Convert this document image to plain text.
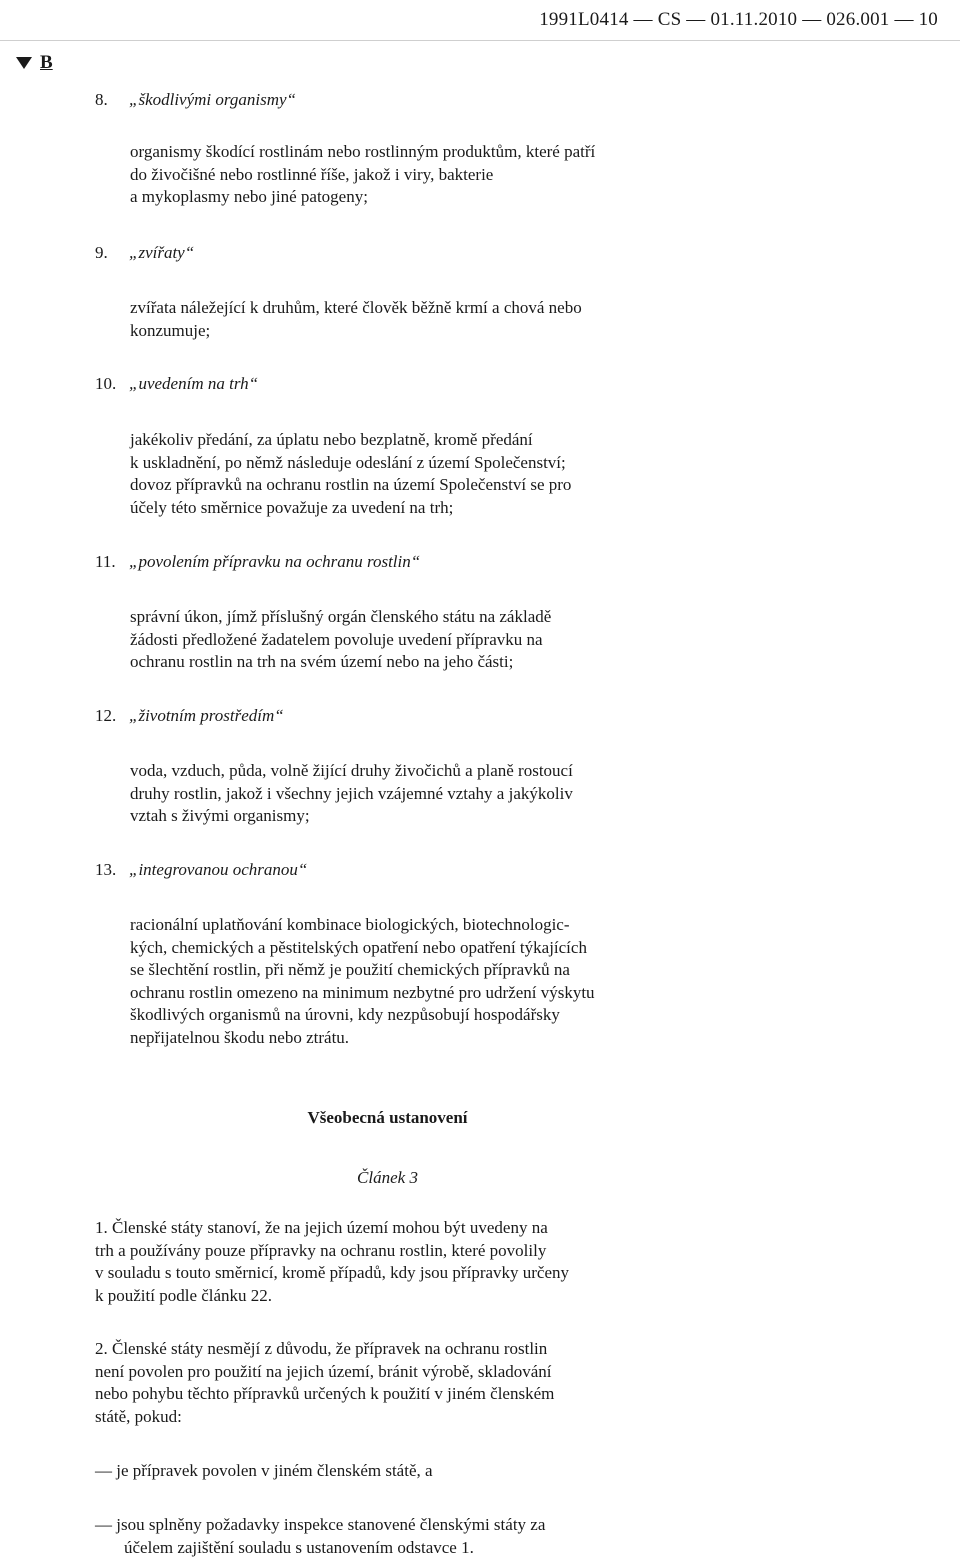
1991L0414 — CS — 01.11.2010 — 026.001 — 10
B
8. „škodlivými organismy“

organismy škodící rostlinám nebo rostlinným produktům, které patří
do živočišné nebo rostlinné říše, jakož i viry, bakterie
a mykoplasmy nebo jiné patogeny;

9. „zvířaty“

zvířata náležející k druhům, které člověk běžně krmí a chová nebo
konzumuje;

10. „uvedením na trh“

jakékoliv předání, za úplatu nebo bezplatně, kromě předání
k uskladnění, po němž následuje odeslání z území Společenství;
dovoz přípravků na ochranu rostlin na území Společenství se pro
účely této směrnice považuje za uvedení na trh;

11. „povolením přípravku na ochranu rostlin“

správní úkon, jímž příslušný orgán členského státu na základě
žádosti předložené žadatelem povoluje uvedení přípravku na
ochranu rostlin na trh na svém území nebo na jeho části;

12. „životním prostředím“

voda, vzduch, půda, volně žijící druhy živočichů a planě rostoucí
druhy rostlin, jakož i všechny jejich vzájemné vztahy a jakýkoliv
vztah s živými organismy;

13. „integrovanou ochranou“

racionální uplatňování kombinace biologických, biotechnologic-
kých, chemických a pěstitelských opatření nebo opatření týkajících
se šlechtění rostlin, při němž je použití chemických přípravků na
ochranu rostlin omezeno na minimum nezbytné pro udržení výskytu
škodlivých organismů na úrovni, kdy nezpůsobují hospodářsky
nepřijatelnou škodu nebo ztrátu.

Všeobecná ustanovení
Článek 3

1. Členské státy stanoví, že na jejich území mohou být uvedeny na
trh a používány pouze přípravky na ochranu rostlin, které povolily
v souladu s touto směrnicí, kromě případů, kdy jsou přípravky určeny
k použití podle článku 22.

2. Členské státy nesmějí z důvodu, že přípravek na ochranu rostlin
není povolen pro použití na jejich území, bránit výrobě, skladování
nebo pohybu těchto přípravků určených k použití v jiném členském
státě, pokud:

— je přípravek povolen v jiném členském státě, a

— jsou splněny požadavky inspekce stanovené členskými státy za
účelem zajištění souladu s ustanovením odstavce 1.
